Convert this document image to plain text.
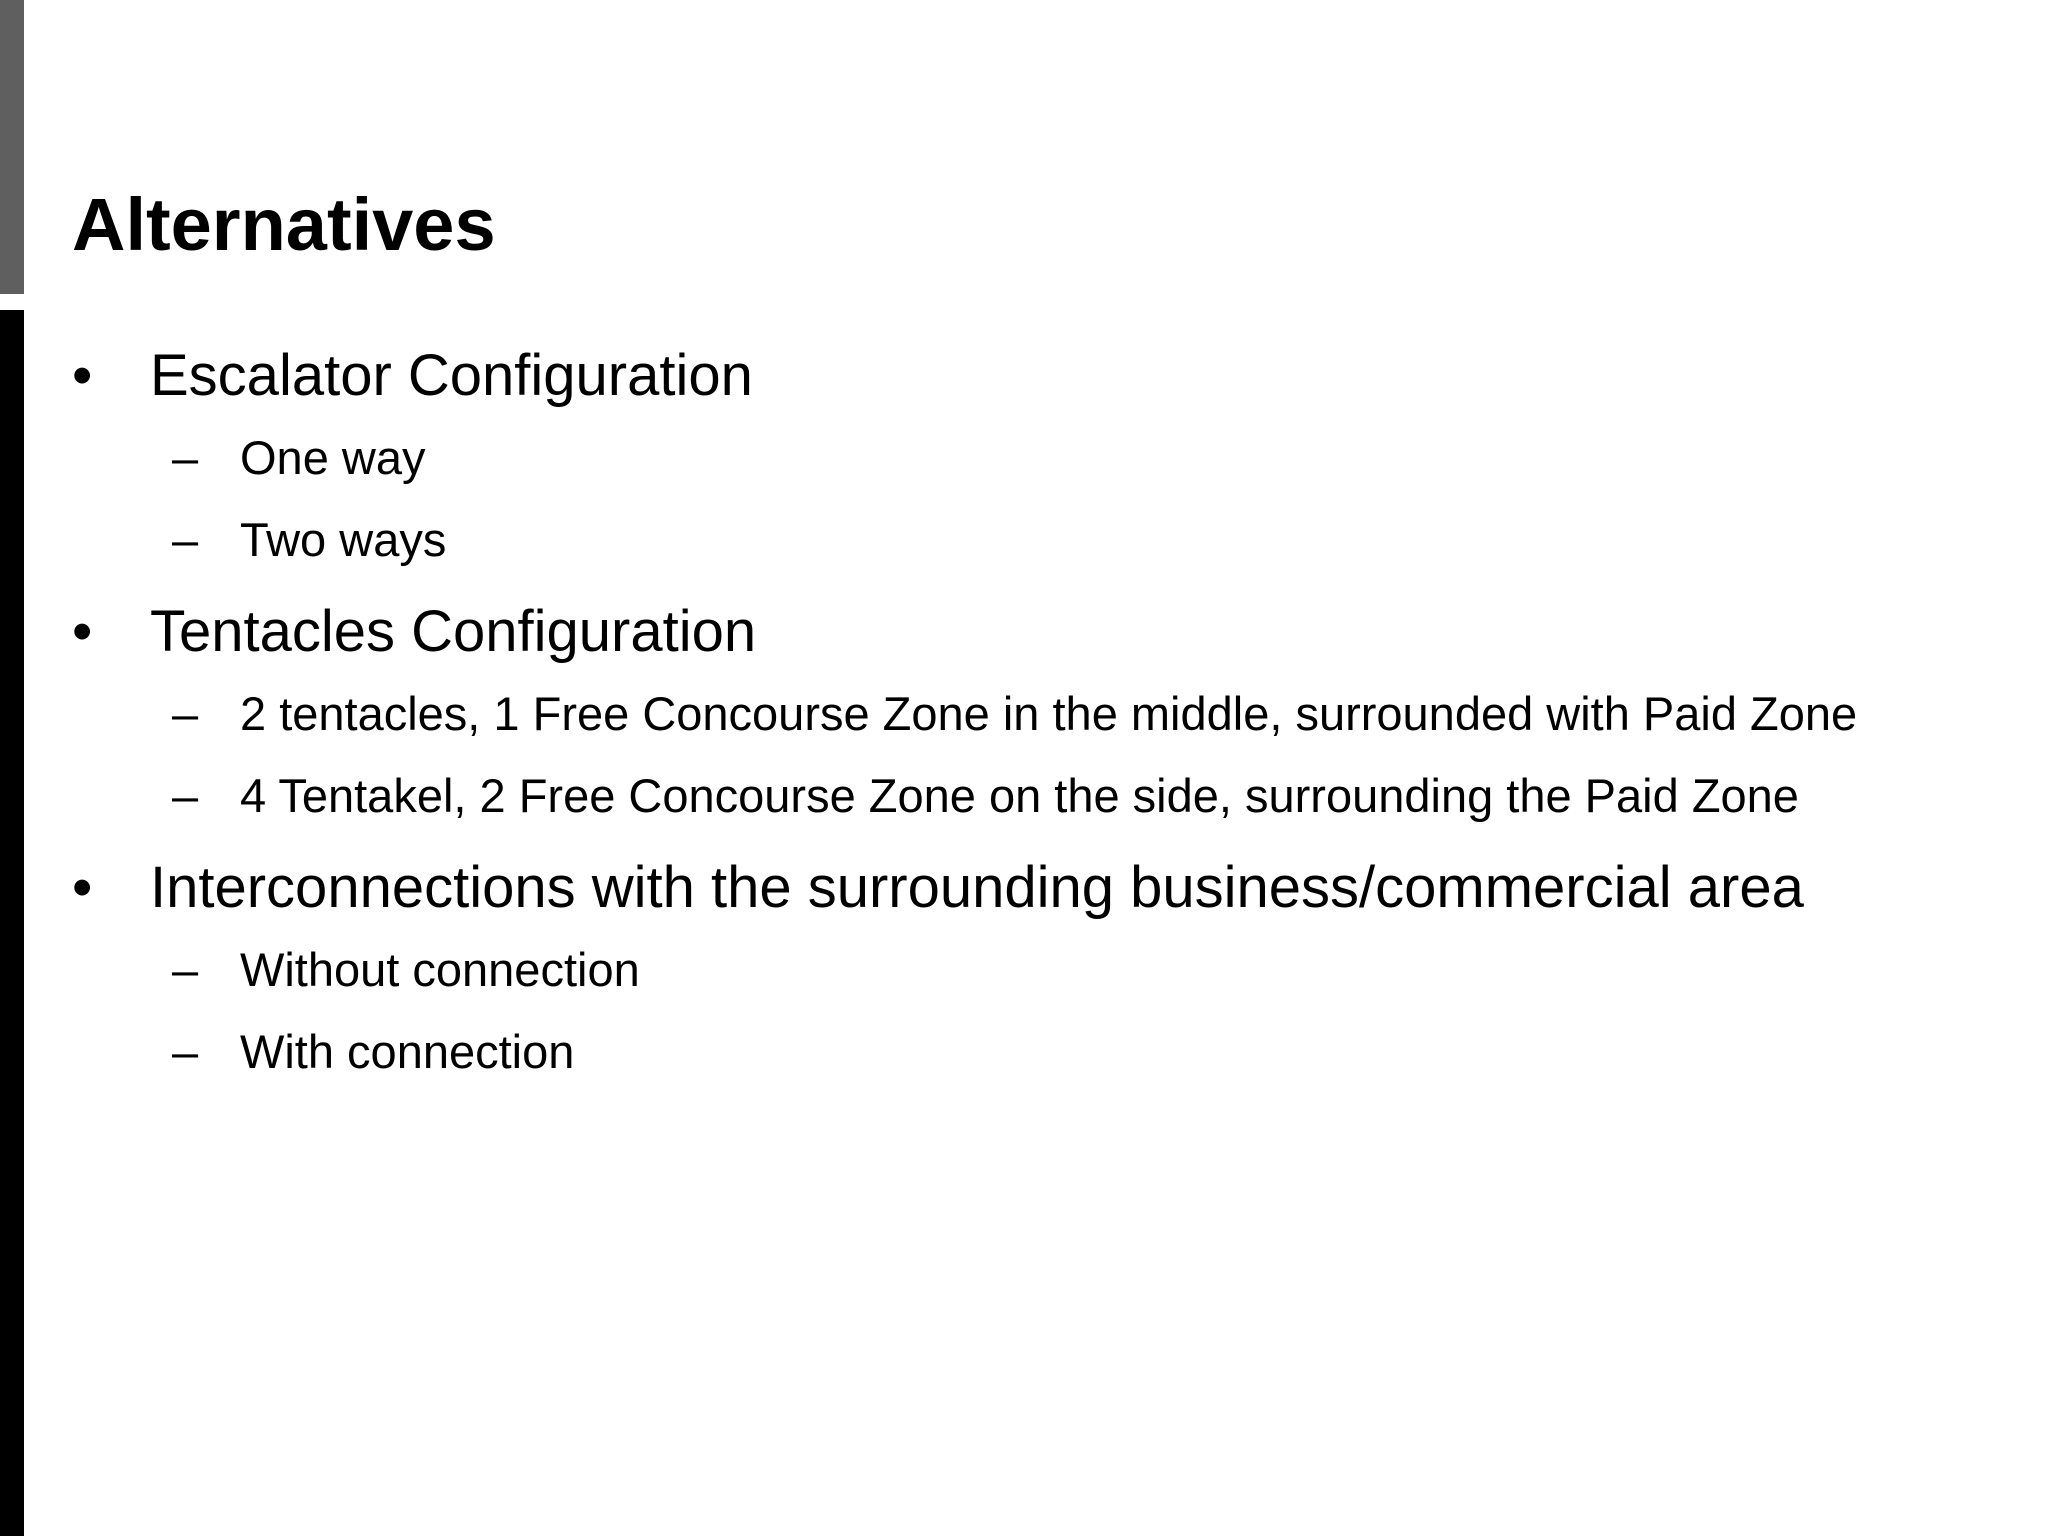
Alternatives
• Escalator Configuration
– One way
– Two ways
• Tentacles Configuration
– 2 tentacles, 1 Free Concourse Zone in the middle, surrounded with Paid Zone
– 4 Tentakel, 2 Free Concourse Zone on the side, surrounding the Paid Zone
• Interconnections with the surrounding business/commercial area
– Without connection
– With connection
